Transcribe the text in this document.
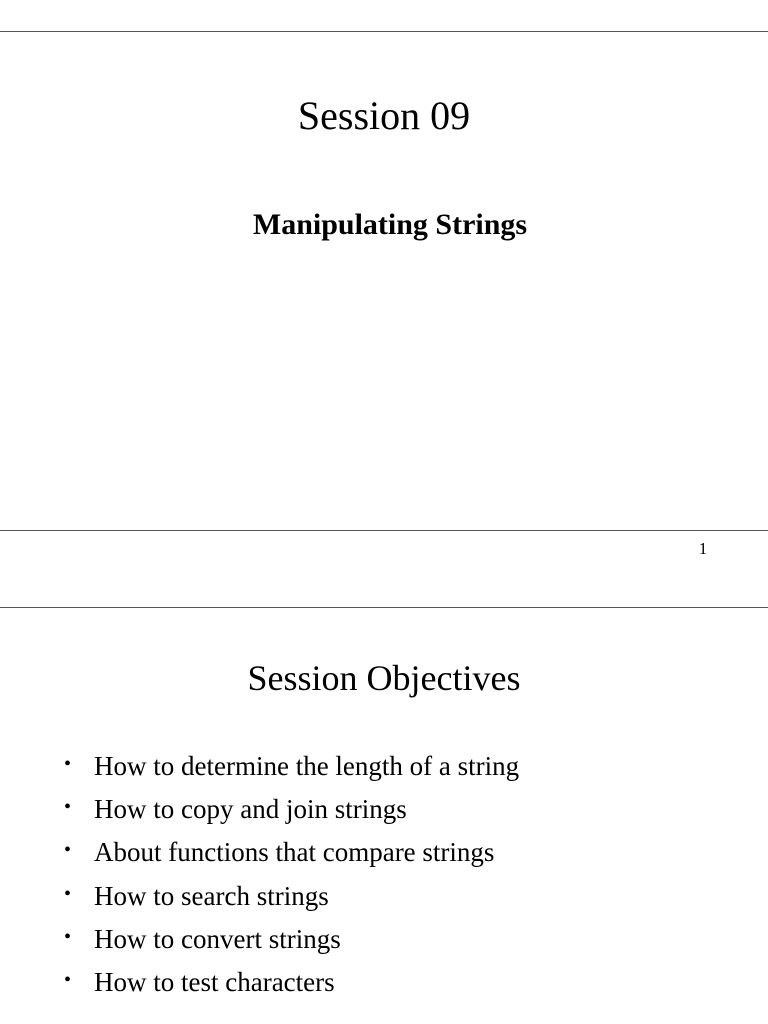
Session 09
Manipulating Strings
1
Session Objectives
• How to determine the length of a string
• How to copy and join strings
• About functions that compare strings
• How to search strings
• How to convert strings
• How to test characters
